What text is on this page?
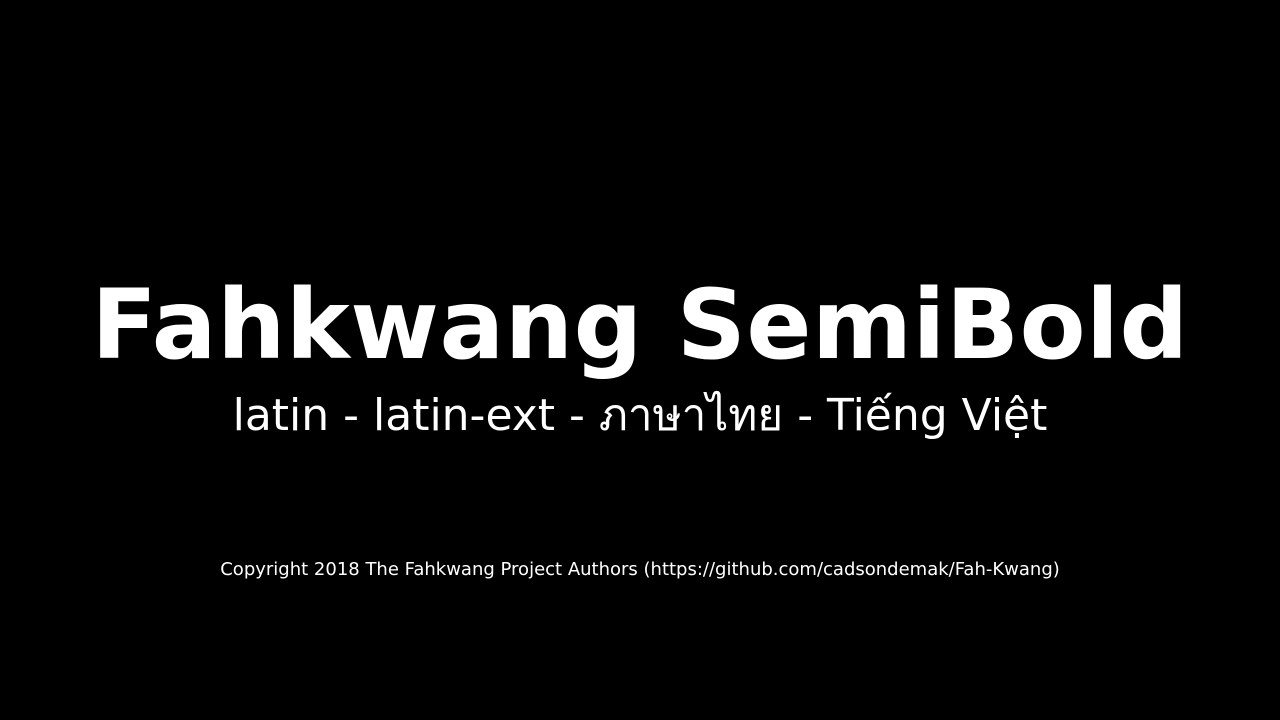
Fahkwang SemiBold
latin - latin-ext - ภาษาไทย - Tiếng Việt
Copyright 2018 The Fahkwang Project Authors (https://github.com/cadsondemak/Fah-Kwang)
